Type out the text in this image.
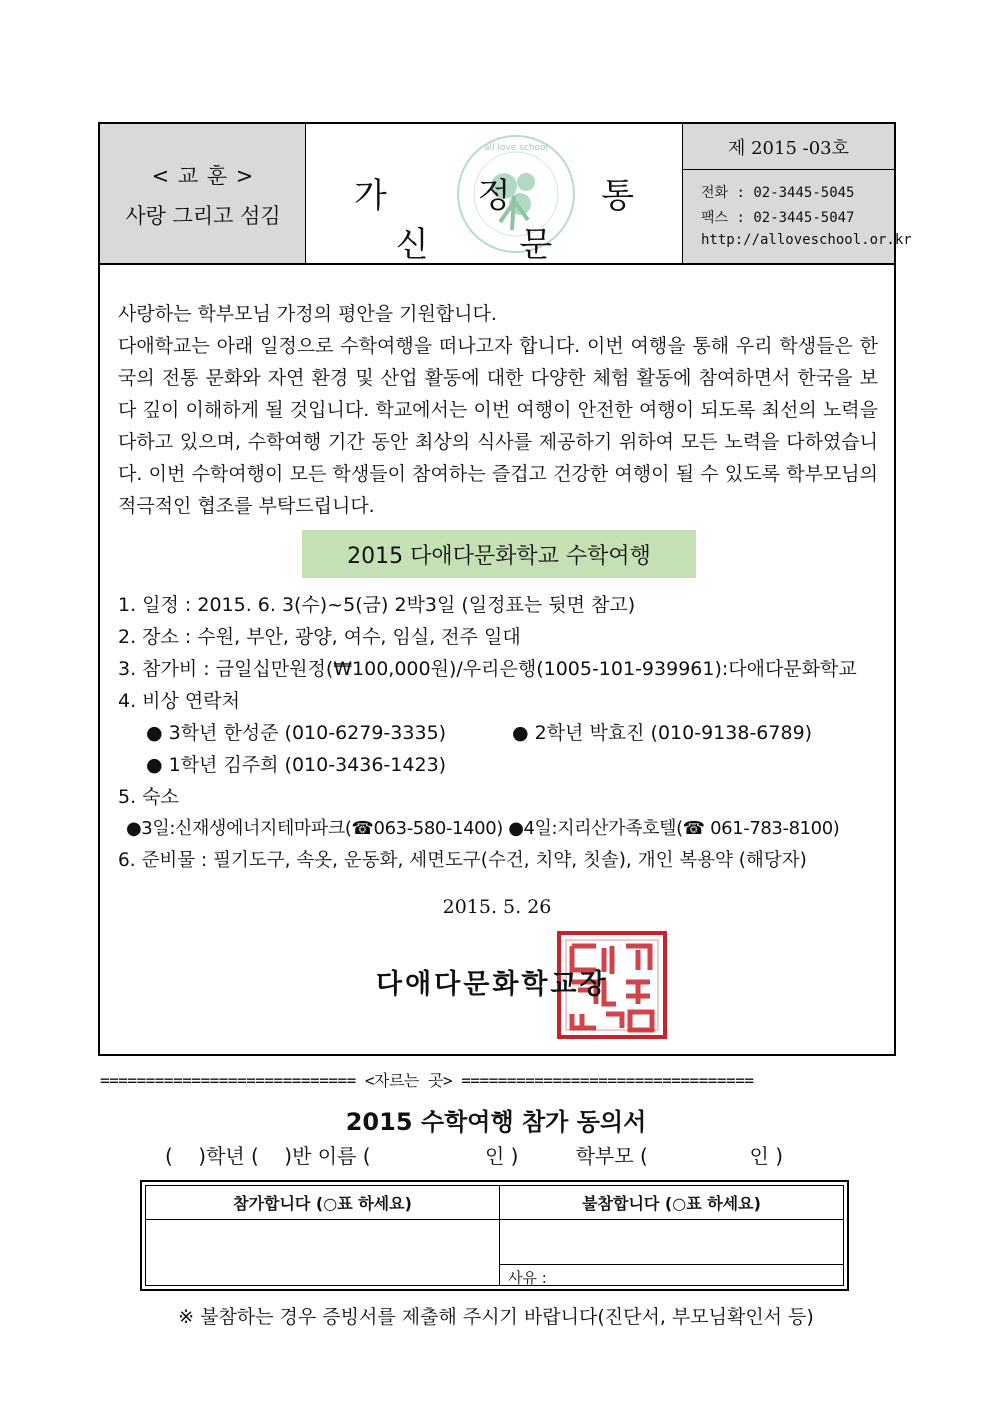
< 교 훈 >
사랑 그리고 섬김
all love school
가 정 통 신 문
제 2015 -03호
전화 : 02-3445-5045
팩스 : 02-3445-5047
http://alloveschool.or.kr

사랑하는 학부모님 가정의 평안을 기원합니다.

다애학교는 아래 일정으로 수학여행을 떠나고자 합니다. 이번 여행을 통해 우리 학생들은 한국의 전통 문화와 자연 환경 및 산업 활동에 대한 다양한 체험 활동에 참여하면서 한국을 보다 깊이 이해하게 될 것입니다. 학교에서는 이번 여행이 안전한 여행이 되도록 최선의 노력을 다하고 있으며, 수학여행 기간 동안 최상의 식사를 제공하기 위하여 모든 노력을 다하였습니다. 이번 수학여행이 모든 학생들이 참여하는 즐겁고 건강한 여행이 될 수 있도록 학부모님의 적극적인 협조를 부탁드립니다.

2015 다애다문화학교 수학여행
1. 일정 : 2015. 6. 3(수)~5(금) 2박3일 (일정표는 뒷면 참고)
2. 장소 : 수원, 부안, 광양, 여수, 임실, 전주 일대
3. 참가비 : 금일십만원정(₩100,000원)/우리은행(1005-101-939961):다애다문화학교
4. 비상 연락처
● 3학년 한성준 (010-6279-3335)	● 2학년 박효진 (010-9138-6789)
● 1학년 김주희 (010-3436-1423)
5. 숙소
●3일:신재생에너지테마파크(☎063-580-1400) ●4일:지리산가족호텔(☎ 061-783-8100)
6. 준비물 : 필기도구, 속옷, 운동화, 세면도구(수건, 치약, 칫솔), 개인 복용약 (해당자)
2015. 5. 26
다애다문화학교장
============================ <자르는 곳> ================================
2015 수학여행 참가 동의서
(    )학년 (    )반 이름 (                  인 )         학부모 (                인 )
참가합니다 (○표 하세요)	불참합니다 (○표 하세요)
사유 :
※ 불참하는 경우 증빙서를 제출해 주시기 바랍니다(진단서, 부모님확인서 등)
